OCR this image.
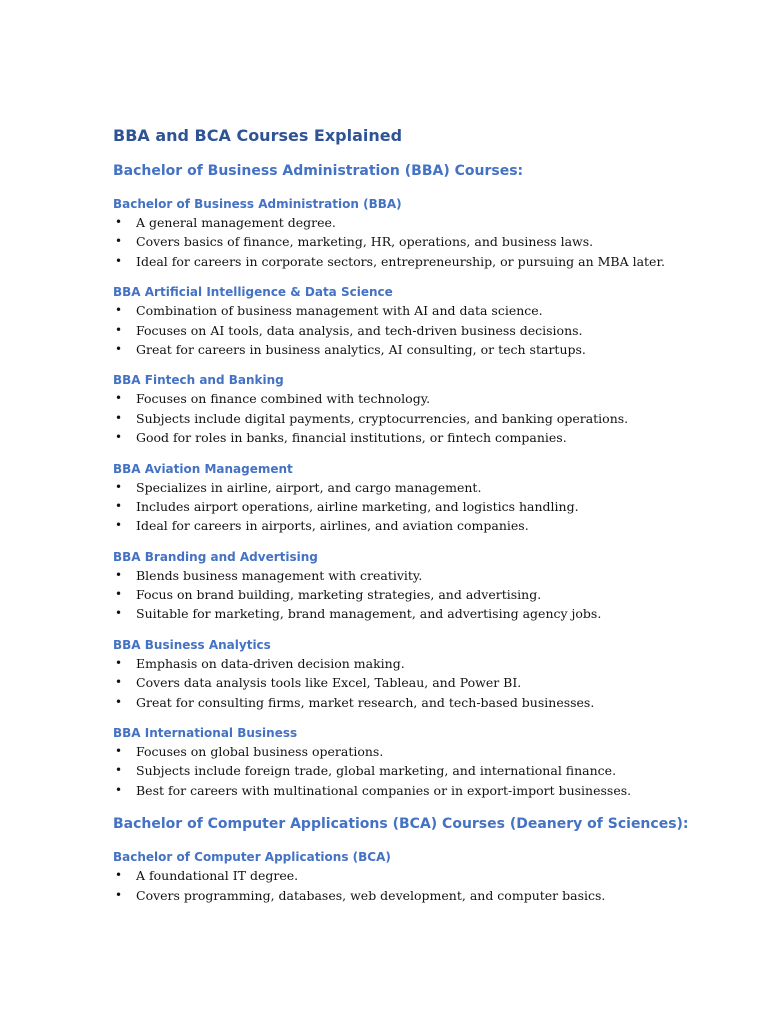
BBA and BCA Courses Explained
Bachelor of Business Administration (BBA) Courses:
Bachelor of Business Administration (BBA)
• A general management degree.
• Covers basics of finance, marketing, HR, operations, and business laws.
• Ideal for careers in corporate sectors, entrepreneurship, or pursuing an MBA later.
BBA Artificial Intelligence & Data Science
• Combination of business management with AI and data science.
• Focuses on AI tools, data analysis, and tech-driven business decisions.
• Great for careers in business analytics, AI consulting, or tech startups.
BBA Fintech and Banking
• Focuses on finance combined with technology.
• Subjects include digital payments, cryptocurrencies, and banking operations.
• Good for roles in banks, financial institutions, or fintech companies.
BBA Aviation Management
• Specializes in airline, airport, and cargo management.
• Includes airport operations, airline marketing, and logistics handling.
• Ideal for careers in airports, airlines, and aviation companies.
BBA Branding and Advertising
• Blends business management with creativity.
• Focus on brand building, marketing strategies, and advertising.
• Suitable for marketing, brand management, and advertising agency jobs.
BBA Business Analytics
• Emphasis on data-driven decision making.
• Covers data analysis tools like Excel, Tableau, and Power BI.
• Great for consulting firms, market research, and tech-based businesses.
BBA International Business
• Focuses on global business operations.
• Subjects include foreign trade, global marketing, and international finance.
• Best for careers with multinational companies or in export-import businesses.
Bachelor of Computer Applications (BCA) Courses (Deanery of Sciences):
Bachelor of Computer Applications (BCA)
• A foundational IT degree.
• Covers programming, databases, web development, and computer basics.
